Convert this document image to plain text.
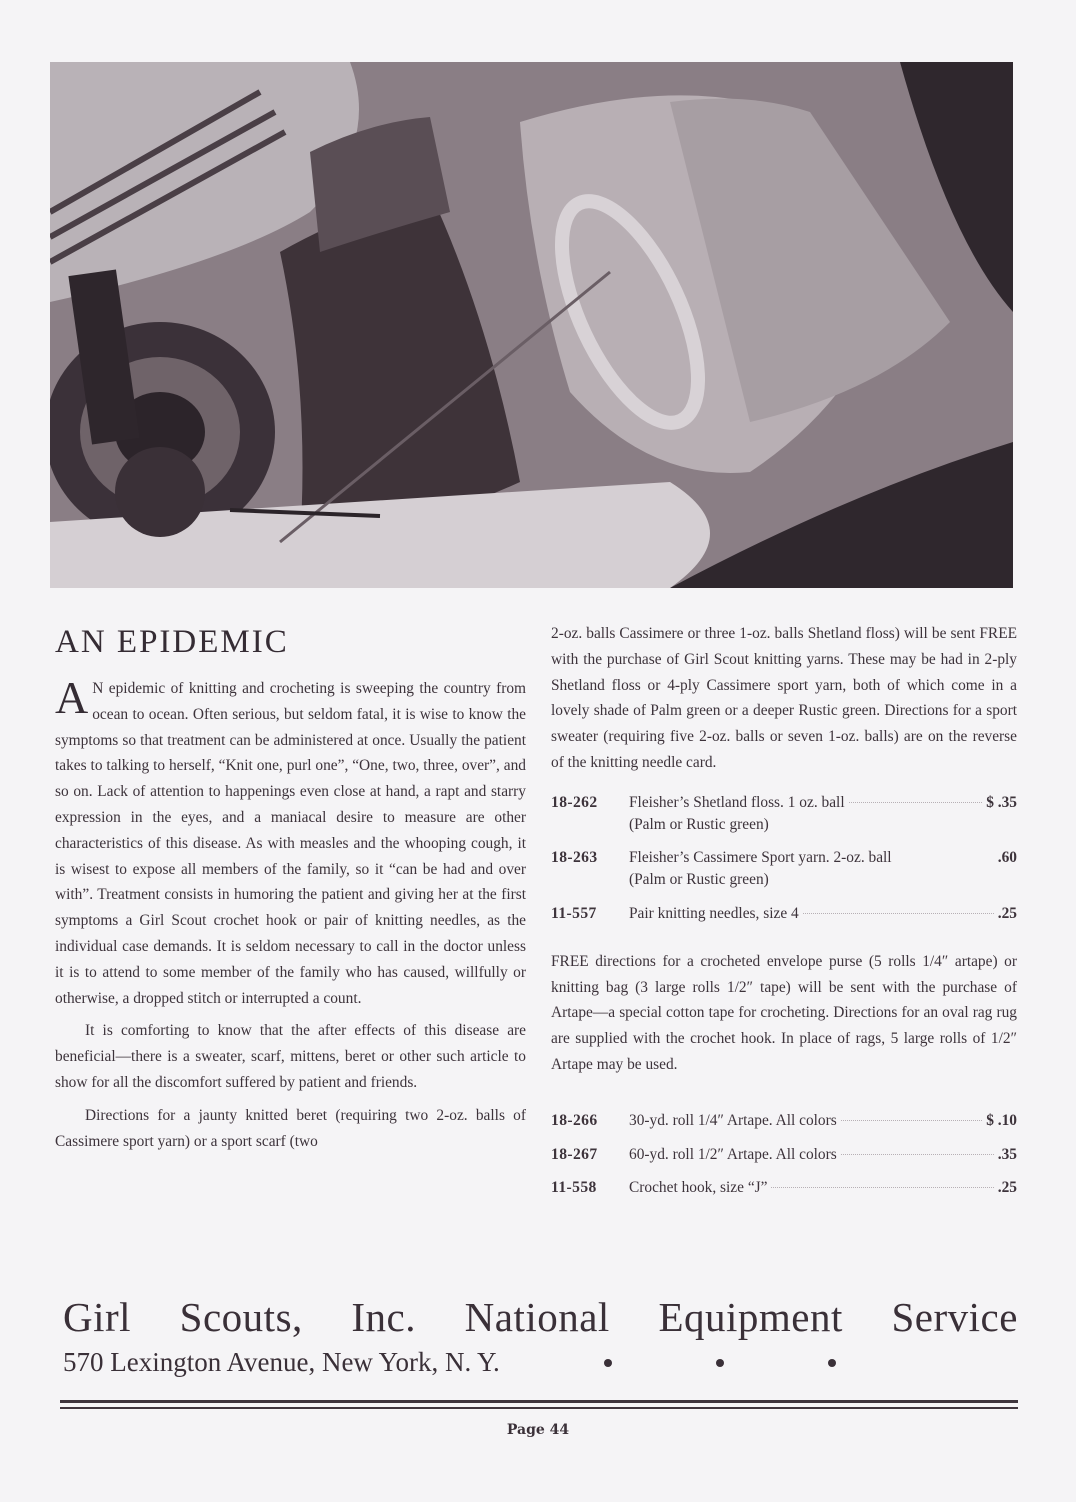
AN EPIDEMIC

A N epidemic of knitting and crocheting is sweeping the country from ocean to ocean. Often serious, but seldom fatal, it is wise to know the symptoms so that treatment can be administered at once. Usually the patient takes to talking to herself, “Knit one, purl one”, “One, two, three, over”, and so on. Lack of attention to happenings even close at hand, a rapt and starry expression in the eyes, and a maniacal desire to measure are other characteristics of this disease. As with measles and the whooping cough, it is wisest to expose all members of the family, so it “can be had and over with”. Treatment consists in humoring the patient and giving her at the first symptoms a Girl Scout crochet hook or pair of knitting needles, as the individual case demands. It is seldom necessary to call in the doctor unless it is to attend to some member of the family who has caused, willfully or otherwise, a dropped stitch or interrupted a count.

It is comforting to know that the after effects of this disease are beneficial—there is a sweater, scarf, mittens, beret or other such article to show for all the discomfort suffered by patient and friends.

Directions for a jaunty knitted beret (requiring two 2-oz. balls of Cassimere sport yarn) or a sport scarf (two

2-oz. balls Cassimere or three 1-oz. balls Shetland floss) will be sent FREE with the purchase of Girl Scout knitting yarns. These may be had in 2-ply Shetland floss or 4-ply Cassimere sport yarn, both of which come in a lovely shade of Palm green or a deeper Rustic green. Directions for a sport sweater (requiring five 2-oz. balls or seven 1-oz. balls) are on the reverse of the knitting needle card.

18-262	Fleisher’s Shetland floss. 1 oz. ball	$ .35
(Palm or Rustic green)
18-263	Fleisher’s Cassimere Sport yarn. 2-oz. ball	.60
(Palm or Rustic green)
11-557	Pair knitting needles, size 4	.25

FREE directions for a crocheted envelope purse (5 rolls 1/4″ artape) or knitting bag (3 large rolls 1/2″ tape) will be sent with the purchase of Artape—a special cotton tape for crocheting. Directions for an oval rag rug are supplied with the crochet hook. In place of rags, 5 large rolls of 1/2″ Artape may be used.

18-266	30-yd. roll 1/4″ Artape. All colors	$ .10
18-267	60-yd. roll 1/2″ Artape. All colors	.35
11-558	Crochet hook, size “J”	.25
Girl Scouts, Inc. National Equipment Service
570 Lexington Avenue, New York, N. Y.
Page 44
